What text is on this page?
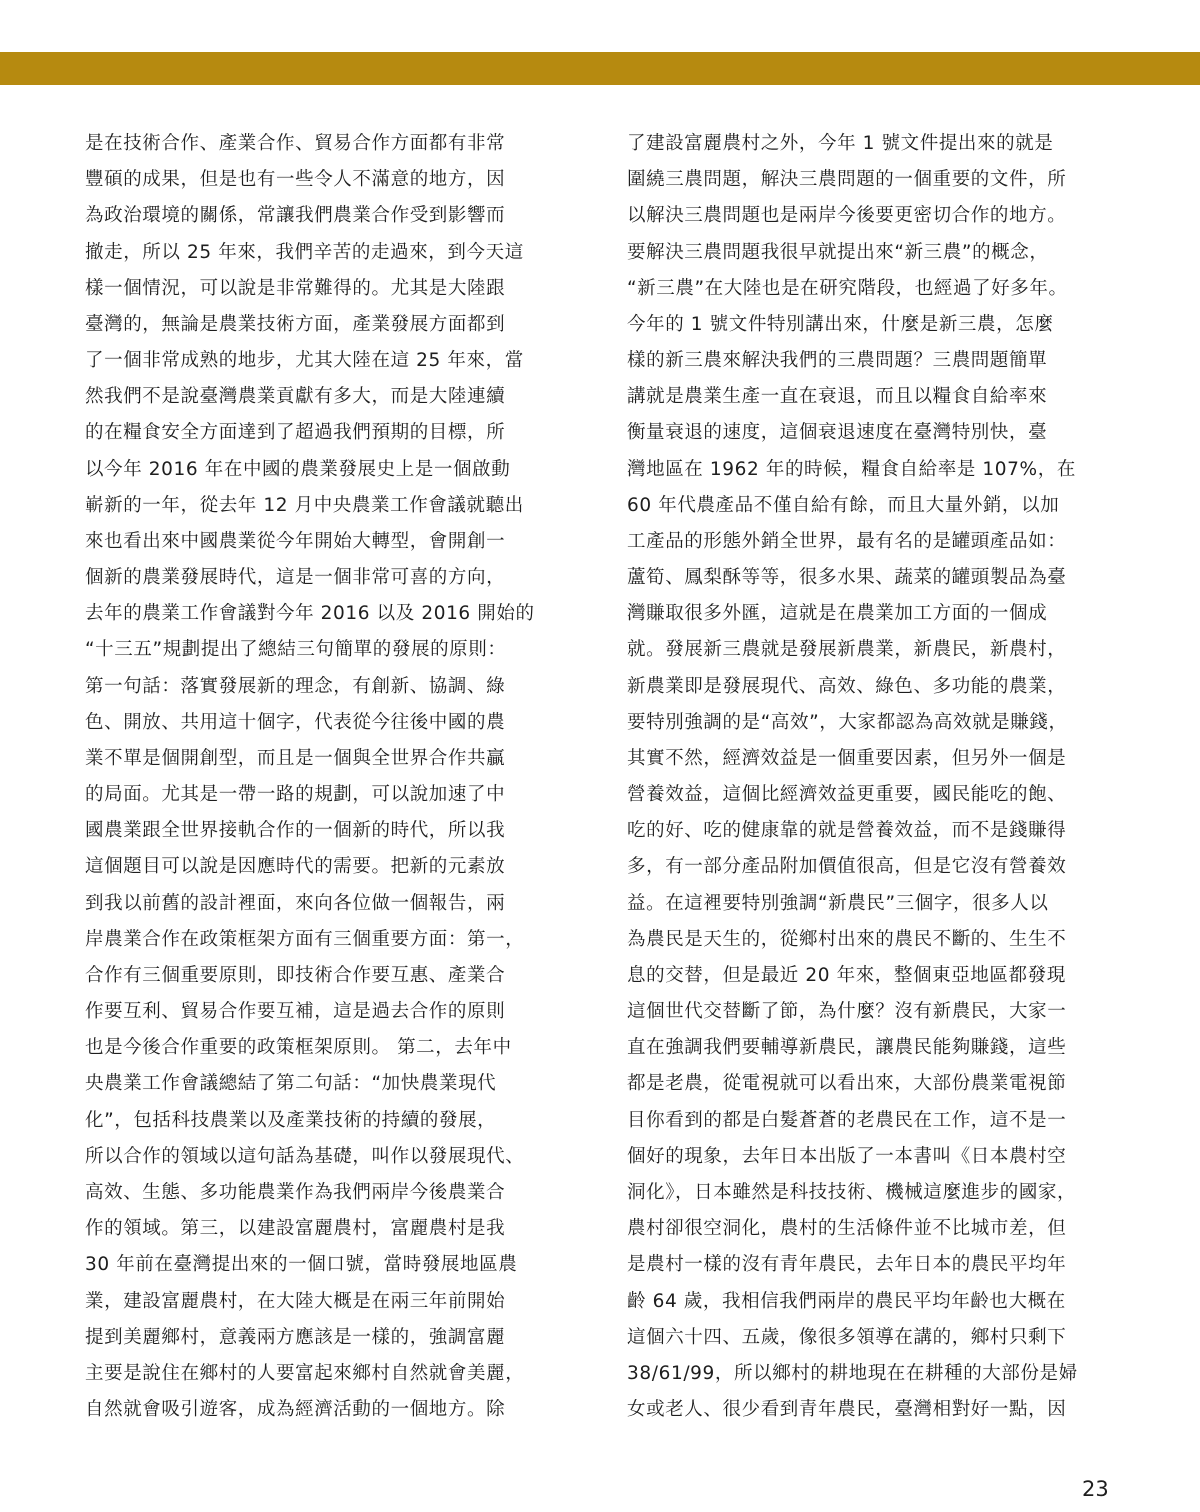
是在技術合作、產業合作、貿易合作方面都有非常
豐碩的成果，但是也有一些令人不滿意的地方，因
為政治環境的關係，常讓我們農業合作受到影響而
撤走，所以 25 年來，我們辛苦的走過來，到今天這
樣一個情況，可以說是非常難得的。尤其是大陸跟
臺灣的，無論是農業技術方面，產業發展方面都到
了一個非常成熟的地步，尤其大陸在這 25 年來，當
然我們不是說臺灣農業貢獻有多大，而是大陸連續
的在糧食安全方面達到了超過我們預期的目標，所
以今年 2016 年在中國的農業發展史上是一個啟動
嶄新的一年，從去年 12 月中央農業工作會議就聽出
來也看出來中國農業從今年開始大轉型，會開創一
個新的農業發展時代，這是一個非常可喜的方向，
去年的農業工作會議對今年 2016 以及 2016 開始的
“十三五”規劃提出了總結三句簡單的發展的原則：
第一句話：落實發展新的理念，有創新、協調、綠
色、開放、共用這十個字，代表從今往後中國的農
業不單是個開創型，而且是一個與全世界合作共贏
的局面。尤其是一帶一路的規劃，可以說加速了中
國農業跟全世界接軌合作的一個新的時代，所以我
這個題目可以說是因應時代的需要。把新的元素放
到我以前舊的設計裡面，來向各位做一個報告，兩
岸農業合作在政策框架方面有三個重要方面：第一，
合作有三個重要原則，即技術合作要互惠、產業合
作要互利、貿易合作要互補，這是過去合作的原則
也是今後合作重要的政策框架原則。 第二，去年中
央農業工作會議總結了第二句話：“加快農業現代
化”，包括科技農業以及產業技術的持續的發展，
所以合作的領域以這句話為基礎，叫作以發展現代、
高效、生態、多功能農業作為我們兩岸今後農業合
作的領域。第三，以建設富麗農村，富麗農村是我
30 年前在臺灣提出來的一個口號，當時發展地區農
業，建設富麗農村，在大陸大概是在兩三年前開始
提到美麗鄉村，意義兩方應該是一樣的，強調富麗
主要是說住在鄉村的人要富起來鄉村自然就會美麗，
自然就會吸引遊客，成為經濟活動的一個地方。除
了建設富麗農村之外，今年 1 號文件提出來的就是
圍繞三農問題，解決三農問題的一個重要的文件，所
以解決三農問題也是兩岸今後要更密切合作的地方。
要解決三農問題我很早就提出來“新三農”的概念，
“新三農”在大陸也是在研究階段，也經過了好多年。
今年的 1 號文件特別講出來，什麼是新三農，怎麼
樣的新三農來解決我們的三農問題？三農問題簡單
講就是農業生產一直在衰退，而且以糧食自給率來
衡量衰退的速度，這個衰退速度在臺灣特別快，臺
灣地區在 1962 年的時候，糧食自給率是 107%，在
60 年代農產品不僅自給有餘，而且大量外銷，以加
工產品的形態外銷全世界，最有名的是罐頭產品如：
蘆筍、鳳梨酥等等，很多水果、蔬菜的罐頭製品為臺
灣賺取很多外匯，這就是在農業加工方面的一個成
就。發展新三農就是發展新農業，新農民，新農村，
新農業即是發展現代、高效、綠色、多功能的農業，
要特別強調的是“高效”，大家都認為高效就是賺錢，
其實不然，經濟效益是一個重要因素，但另外一個是
營養效益，這個比經濟效益更重要，國民能吃的飽、
吃的好、吃的健康靠的就是營養效益，而不是錢賺得
多，有一部分產品附加價值很高，但是它沒有營養效
益。在這裡要特別強調“新農民”三個字，很多人以
為農民是天生的，從鄉村出來的農民不斷的、生生不
息的交替，但是最近 20 年來，整個東亞地區都發現
這個世代交替斷了節，為什麼？沒有新農民，大家一
直在強調我們要輔導新農民，讓農民能夠賺錢，這些
都是老農，從電視就可以看出來，大部份農業電視節
目你看到的都是白髮蒼蒼的老農民在工作，這不是一
個好的現象，去年日本出版了一本書叫《日本農村空
洞化》，日本雖然是科技技術、機械這麼進步的國家，
農村卻很空洞化，農村的生活條件並不比城市差，但
是農村一樣的沒有青年農民，去年日本的農民平均年
齡 64 歲，我相信我們兩岸的農民平均年齡也大概在
這個六十四、五歲，像很多領導在講的，鄉村只剩下
38/61/99，所以鄉村的耕地現在在耕種的大部份是婦
女或老人、很少看到青年農民，臺灣相對好一點，因
23
